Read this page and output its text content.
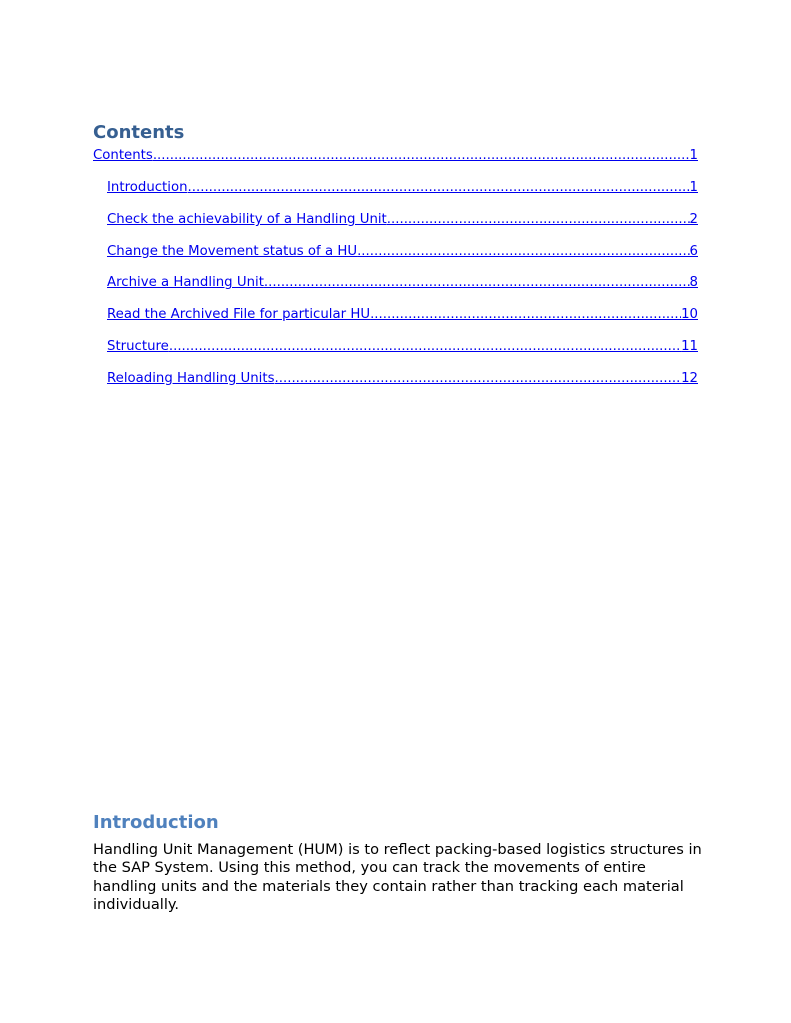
Contents
Contents .....	1
Introduction .....	1
Check the achievability of a Handling Unit .....	2
Change the Movement status of a HU .....	6
Archive a Handling Unit .....	8
Read the Archived File for particular HU .....	10
Structure .....	11
Reloading Handling Units .....	12
Introduction

Handling Unit Management (HUM) is to reflect packing-based logistics structures in the SAP System. Using this method, you can track the movements of entire handling units and the materials they contain rather than tracking each material individually.
